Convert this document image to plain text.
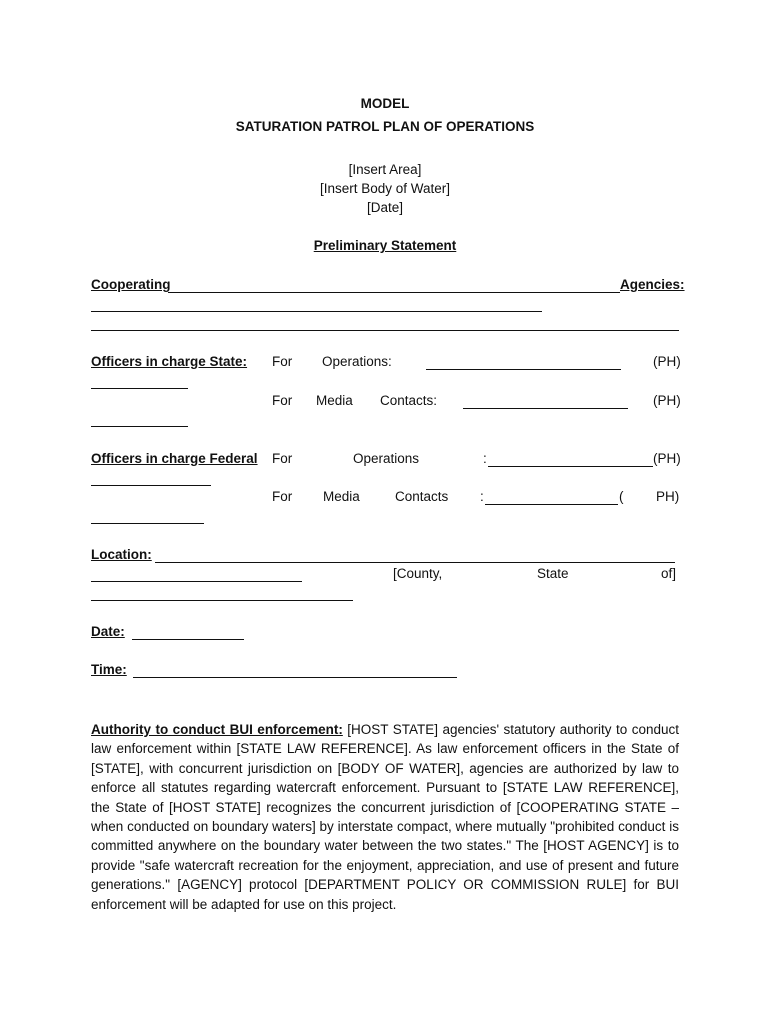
MODEL
SATURATION PATROL PLAN OF OPERATIONS
[Insert Area]
[Insert Body of Water]
[Date]
Preliminary Statement
Cooperating	Agencies:
Officers in charge State: For Operations:	(PH)
For Media Contacts:	(PH)
Officers in charge Federal For	Operations	:	(PH)
For Media	Contacts :	( PH)
Location:
[County,	State	of]
Date:
Time:
Authority to conduct BUI enforcement: [HOST STATE] agencies' statutory authority to conduct law enforcement within [STATE LAW REFERENCE]. As law enforcement officers in the State of [STATE], with concurrent jurisdiction on [BODY OF WATER], agencies are authorized by law to enforce all statutes regarding watercraft enforcement. Pursuant to [STATE LAW REFERENCE], the State of [HOST STATE] recognizes the concurrent jurisdiction of [COOPERATING STATE – when conducted on boundary waters] by interstate compact, where mutually "prohibited conduct is committed anywhere on the boundary water between the two states." The [HOST AGENCY] is to provide "safe watercraft recreation for the enjoyment, appreciation, and use of present and future generations." [AGENCY] protocol [DEPARTMENT POLICY OR COMMISSION RULE] for BUI enforcement will be adapted for use on this project.
